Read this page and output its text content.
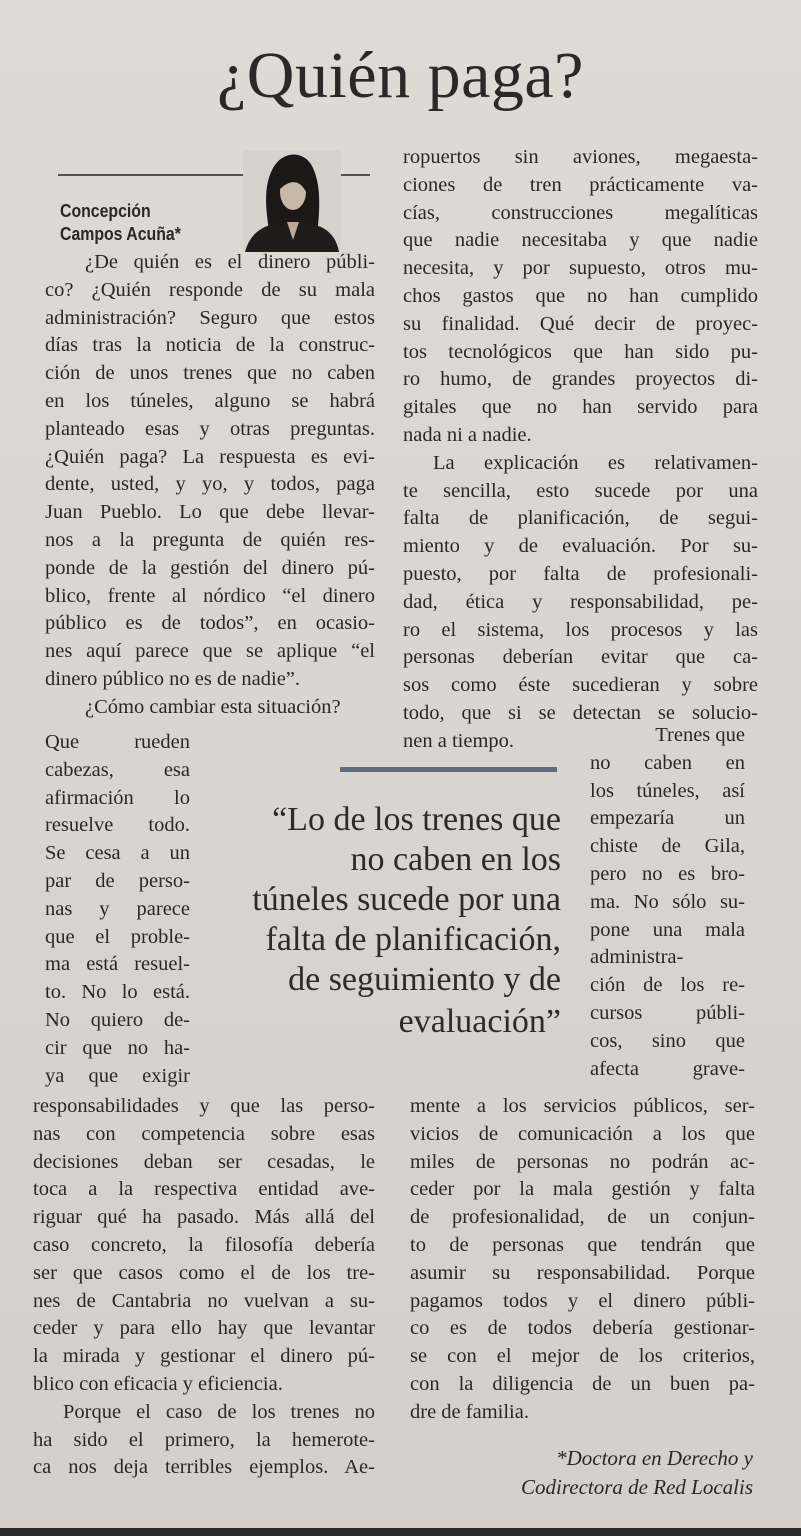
¿Quién paga?
Concepción
Campos Acuña*
“Lo de los trenes que
no caben en los
túneles sucede por una
falta de planificación,
de seguimiento y de
evaluación”
¿De quién es el dinero públi-
co? ¿Quién responde de su mala
administración? Seguro que estos
días tras la noticia de la construc-
ción de unos trenes que no caben
en los túneles, alguno se habrá
planteado esas y otras preguntas.
¿Quién paga? La respuesta es evi-
dente, usted, y yo, y todos, paga
Juan Pueblo. Lo que debe llevar-
nos a la pregunta de quién res-
ponde de la gestión del dinero pú-
blico, frente al nórdico “el dinero
público es de todos”, en ocasio-
nes aquí parece que se aplique “el
dinero público no es de nadie”.
¿Cómo cambiar esta situación?
Que rueden
cabezas, esa
afirmación lo
resuelve todo.
Se cesa a un
par de perso-
nas y parece
que el proble-
ma está resuel-
to. No lo está.
No quiero de-
cir que no ha-
ya que exigir
responsabilidades y que las perso-
nas con competencia sobre esas
decisiones deban ser cesadas, le
toca a la respectiva entidad ave-
riguar qué ha pasado. Más allá del
caso concreto, la filosofía debería
ser que casos como el de los tre-
nes de Cantabria no vuelvan a su-
ceder y para ello hay que levantar
la mirada y gestionar el dinero pú-
blico con eficacia y eficiencia.
Porque el caso de los trenes no
ha sido el primero, la hemerote-
ca nos deja terribles ejemplos. Ae-
ropuertos sin aviones, megaesta-
ciones de tren prácticamente va-
cías, construcciones megalíticas
que nadie necesitaba y que nadie
necesita, y por supuesto, otros mu-
chos gastos que no han cumplido
su finalidad. Qué decir de proyec-
tos tecnológicos que han sido pu-
ro humo, de grandes proyectos di-
gitales que no han servido para
nada ni a nadie.
La explicación es relativamen-
te sencilla, esto sucede por una
falta de planificación, de segui-
miento y de evaluación. Por su-
puesto, por falta de profesionali-
dad, ética y responsabilidad, pe-
ro el sistema, los procesos y las
personas deberían evitar que ca-
sos como éste sucedieran y sobre
todo, que si se detectan se solucio-
nen a tiempo.	Trenes que
no caben en
los túneles, así
empezaría un
chiste de Gila,
pero no es bro-
ma. No sólo su-
pone una mala
administra-
ción de los re-
cursos públi-
cos, sino que
afecta grave-
mente a los servicios públicos, ser-
vicios de comunicación a los que
miles de personas no podrán ac-
ceder por la mala gestión y falta
de profesionalidad, de un conjun-
to de personas que tendrán que
asumir su responsabilidad. Porque
pagamos todos y el dinero públi-
co es de todos debería gestionar-
se con el mejor de los criterios,
con la diligencia de un buen pa-
dre de familia.
*Doctora en Derecho y
Codirectora de Red Localis
